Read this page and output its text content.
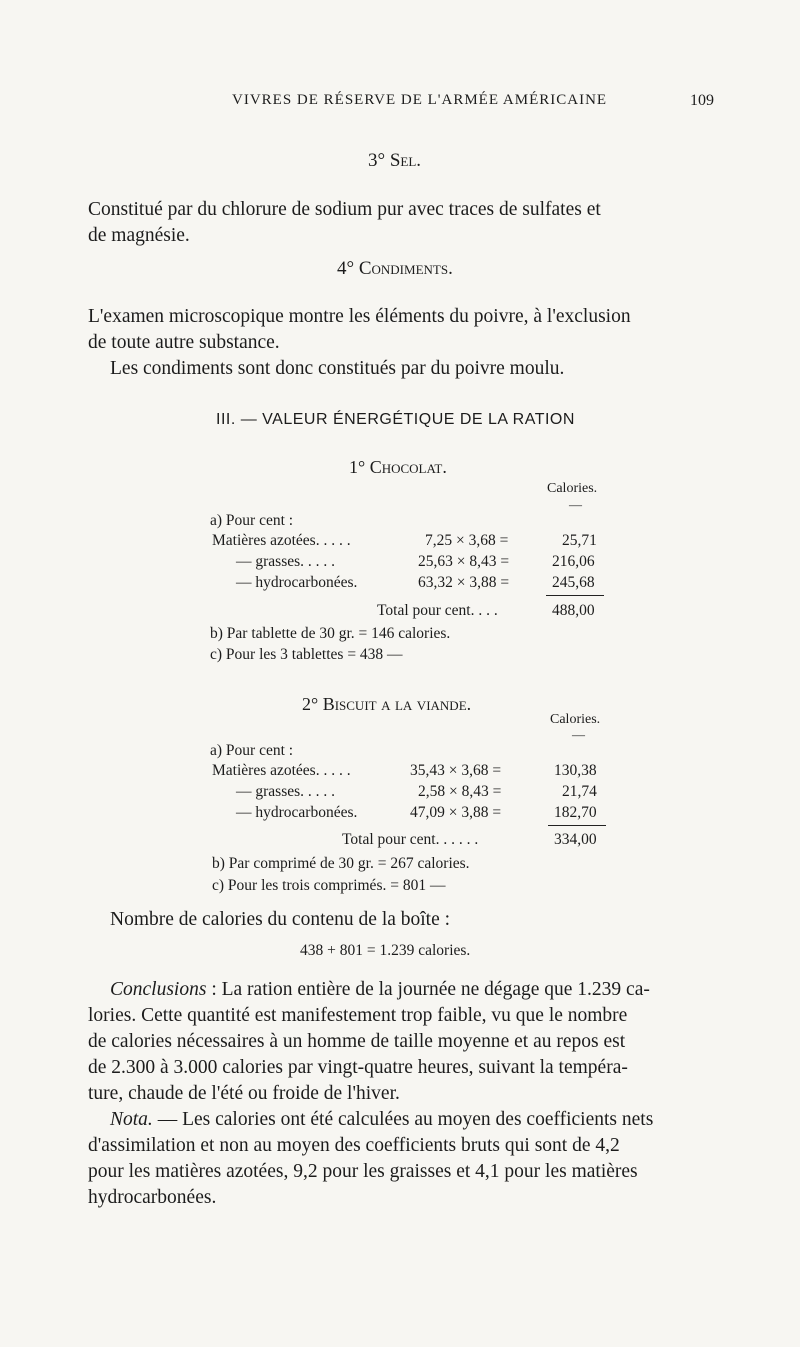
VIVRES DE RÉSERVE DE L'ARMÉE AMÉRICAINE	109
3° Sel.
Constitué par du chlorure de sodium pur avec traces de sulfates et
de magnésie.
4° Condiments.
L'examen microscopique montre les éléments du poivre, à l'exclusion
de toute autre substance.
Les condiments sont donc constitués par du poivre moulu.
III. — VALEUR ÉNERGÉTIQUE DE LA RATION
1° Chocolat.
Calories.
—
a) Pour cent :
Matières azotées. . . . .	7,25 × 3,68 =	25,71
— grasses. . . . .	25,63 × 8,43 =	216,06
— hydrocarbonées.	63,32 × 3,88 =	245,68
Total pour cent. . . .	488,00
b) Par tablette de 30 gr. = 146 calories.
c) Pour les 3 tablettes = 438 —
2° Biscuit a la viande.
Calories.
—
a) Pour cent :
Matières azotées. . . . .	35,43 × 3,68 =	130,38
— grasses. . . . .	2,58 × 8,43 =	21,74
— hydrocarbonées.	47,09 × 3,88 =	182,70
Total pour cent. . . . . .	334,00
b) Par comprimé de 30 gr. = 267 calories.
c) Pour les trois comprimés. = 801 —
Nombre de calories du contenu de la boîte :
438 + 801 = 1.239 calories.
Conclusions : La ration entière de la journée ne dégage que 1.239 ca-
lories. Cette quantité est manifestement trop faible, vu que le nombre
de calories nécessaires à un homme de taille moyenne et au repos est
de 2.300 à 3.000 calories par vingt-quatre heures, suivant la tempéra-
ture, chaude de l'été ou froide de l'hiver.
Nota. — Les calories ont été calculées au moyen des coefficients nets
d'assimilation et non au moyen des coefficients bruts qui sont de 4,2
pour les matières azotées, 9,2 pour les graisses et 4,1 pour les matières
hydrocarbonées.
